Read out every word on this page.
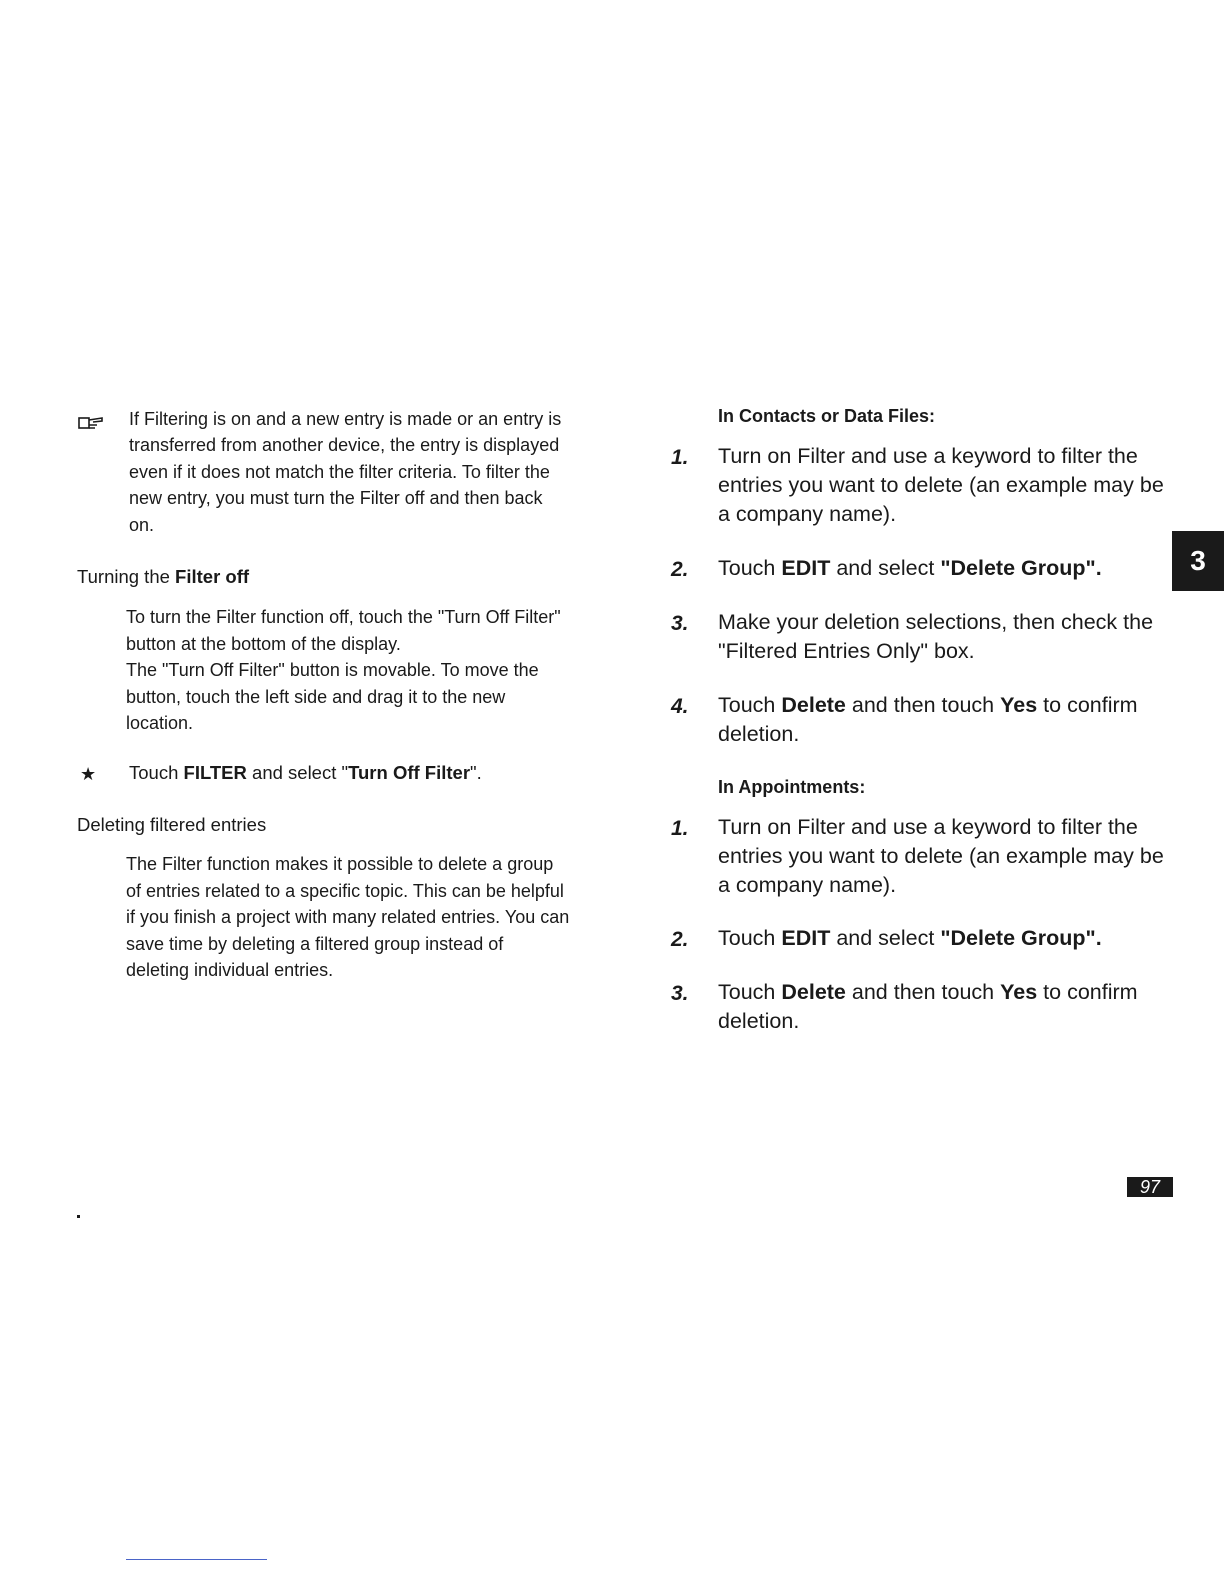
If Filtering is on and a new entry is made or an entry is transferred from another device, the entry is displayed even if it does not match the filter criteria. To filter the new entry, you must turn the Filter off and then back on.
Turning the Filter off
To turn the Filter function off, touch the "Turn Off Filter" button at the bottom of the display.
The "Turn Off Filter" button is movable. To move the button, touch the left side and drag it to the new location.
★ Touch FILTER and select "Turn Off Filter".
Deleting filtered entries
The Filter function makes it possible to delete a group of entries related to a specific topic. This can be helpful if you finish a project with many related entries. You can save time by deleting a filtered group instead of deleting individual entries.
In Contacts or Data Files:
1. Turn on Filter and use a keyword to filter the entries you want to delete (an example may be a company name).
2. Touch EDIT and select "Delete Group".
3. Make your deletion selections, then check the "Filtered Entries Only" box.
4. Touch Delete and then touch Yes to confirm deletion.
In Appointments:
1. Turn on Filter and use a keyword to filter the entries you want to delete (an example may be a company name).
2. Touch EDIT and select "Delete Group".
3. Touch Delete and then touch Yes to confirm deletion.
3
97
